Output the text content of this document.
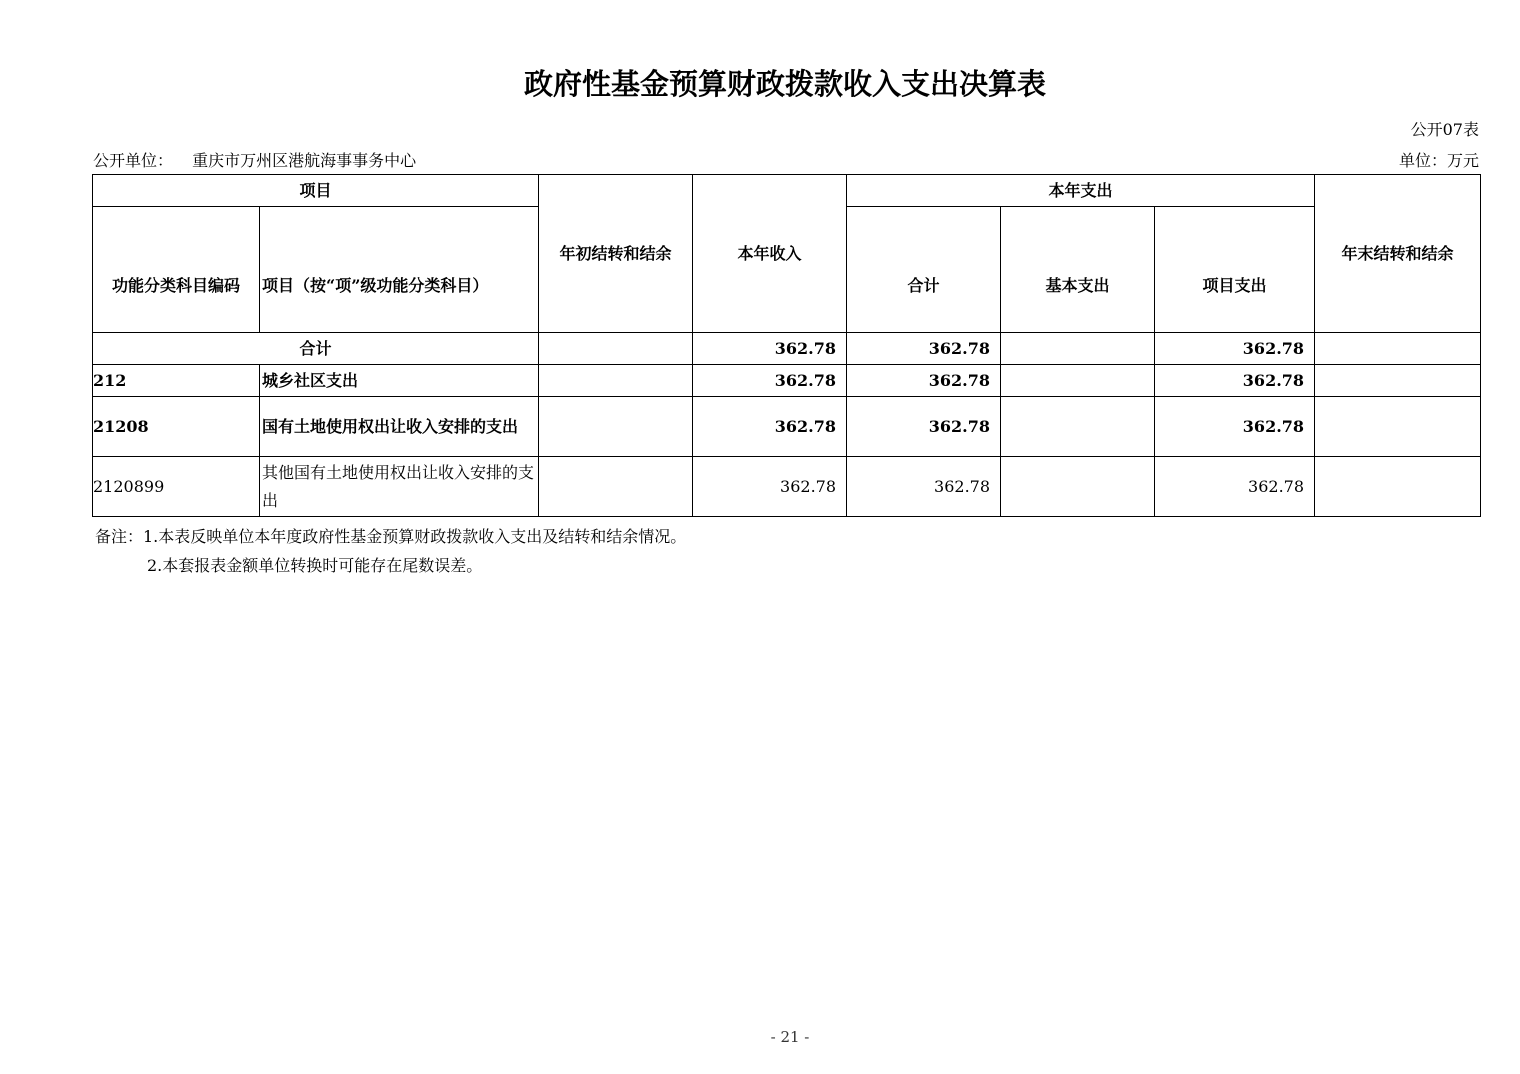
政府性基金预算财政拨款收入支出决算表
公开07表
公开单位： 重庆市万州区港航海事事务中心	单位：万元
项目		年初结转和结余	本年收入	本年支出			年末结转和结余
功能分类科目编码	项目（按“项”级功能分类科目）			合计	基本支出	项目支出	
合计			362.78	362.78		362.78	
212	城乡社区支出		362.78	362.78		362.78	
21208	国有土地使用权出让收入安排的支出		362.78	362.78		362.78	
2120899	其他国有土地使用权出让收入安排的支出		362.78	362.78		362.78	
备注：1.本表反映单位本年度政府性基金预算财政拨款收入支出及结转和结余情况。
2.本套报表金额单位转换时可能存在尾数误差。
- 21 -
